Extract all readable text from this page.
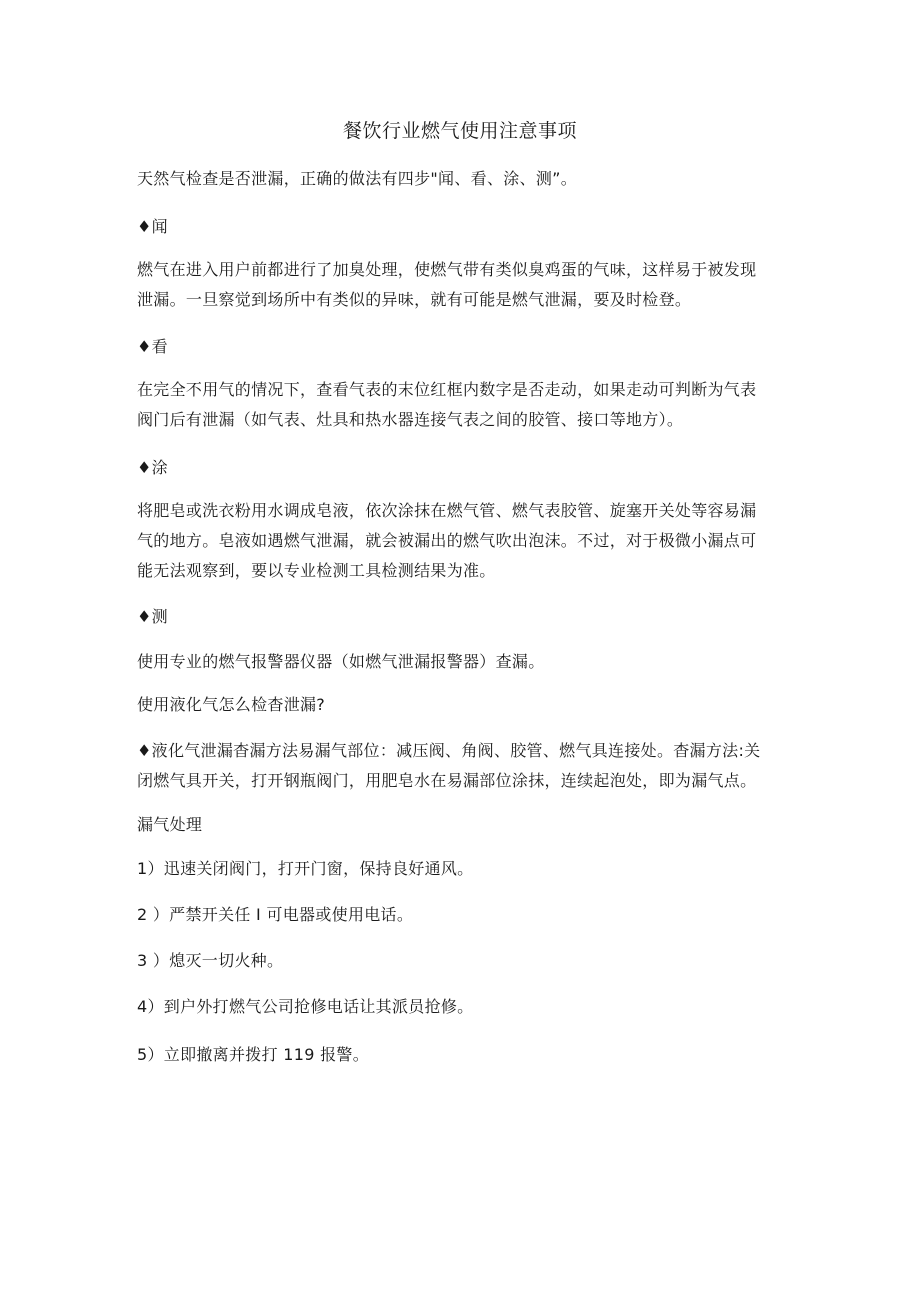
餐饮行业燃气使用注意事项
天然气检查是否泄漏，正确的做法有四步"闻、看、涂、测”。
♦闻
燃气在进入用户前都进行了加臭处理，使燃气带有类似臭鸡蛋的气味，这样易于被发现
泄漏。一旦察觉到场所中有类似的异味，就有可能是燃气泄漏，要及时检登。
♦看
在完全不用气的情况下，查看气表的末位红框内数字是否走动，如果走动可判断为气表
阀门后有泄漏（如气表、灶具和热水器连接气表之间的胶管、接口等地方）。
♦涂
将肥皂或洗衣粉用水调成皂液，依次涂抹在燃气管、燃气表胶管、旋塞开关处等容易漏
气的地方。皂液如遇燃气泄漏，就会被漏出的燃气吹出泡沫。不过，对于极微小漏点可
能无法观察到，要以专业检测工具检测结果为准。
♦测
使用专业的燃气报警器仪器（如燃气泄漏报警器）查漏。
使用液化气怎么检杳泄漏?
♦液化气泄漏杳漏方法易漏气部位：减压阀、角阀、胶管、燃气具连接处。杳漏方法:关
闭燃气具开关，打开钢瓶阀门，用肥皂水在易漏部位涂抹，连续起泡处，即为漏气点。
漏气处理
1）迅速关闭阀门，打开门窗，保持良好通风。
2 ）严禁开关任 I 可电器或使用电话。
3 ）熄灭一切火种。
4）到户外打燃气公司抢修电话让其派员抢修。
5）立即撤离并拨打 119 报警。
